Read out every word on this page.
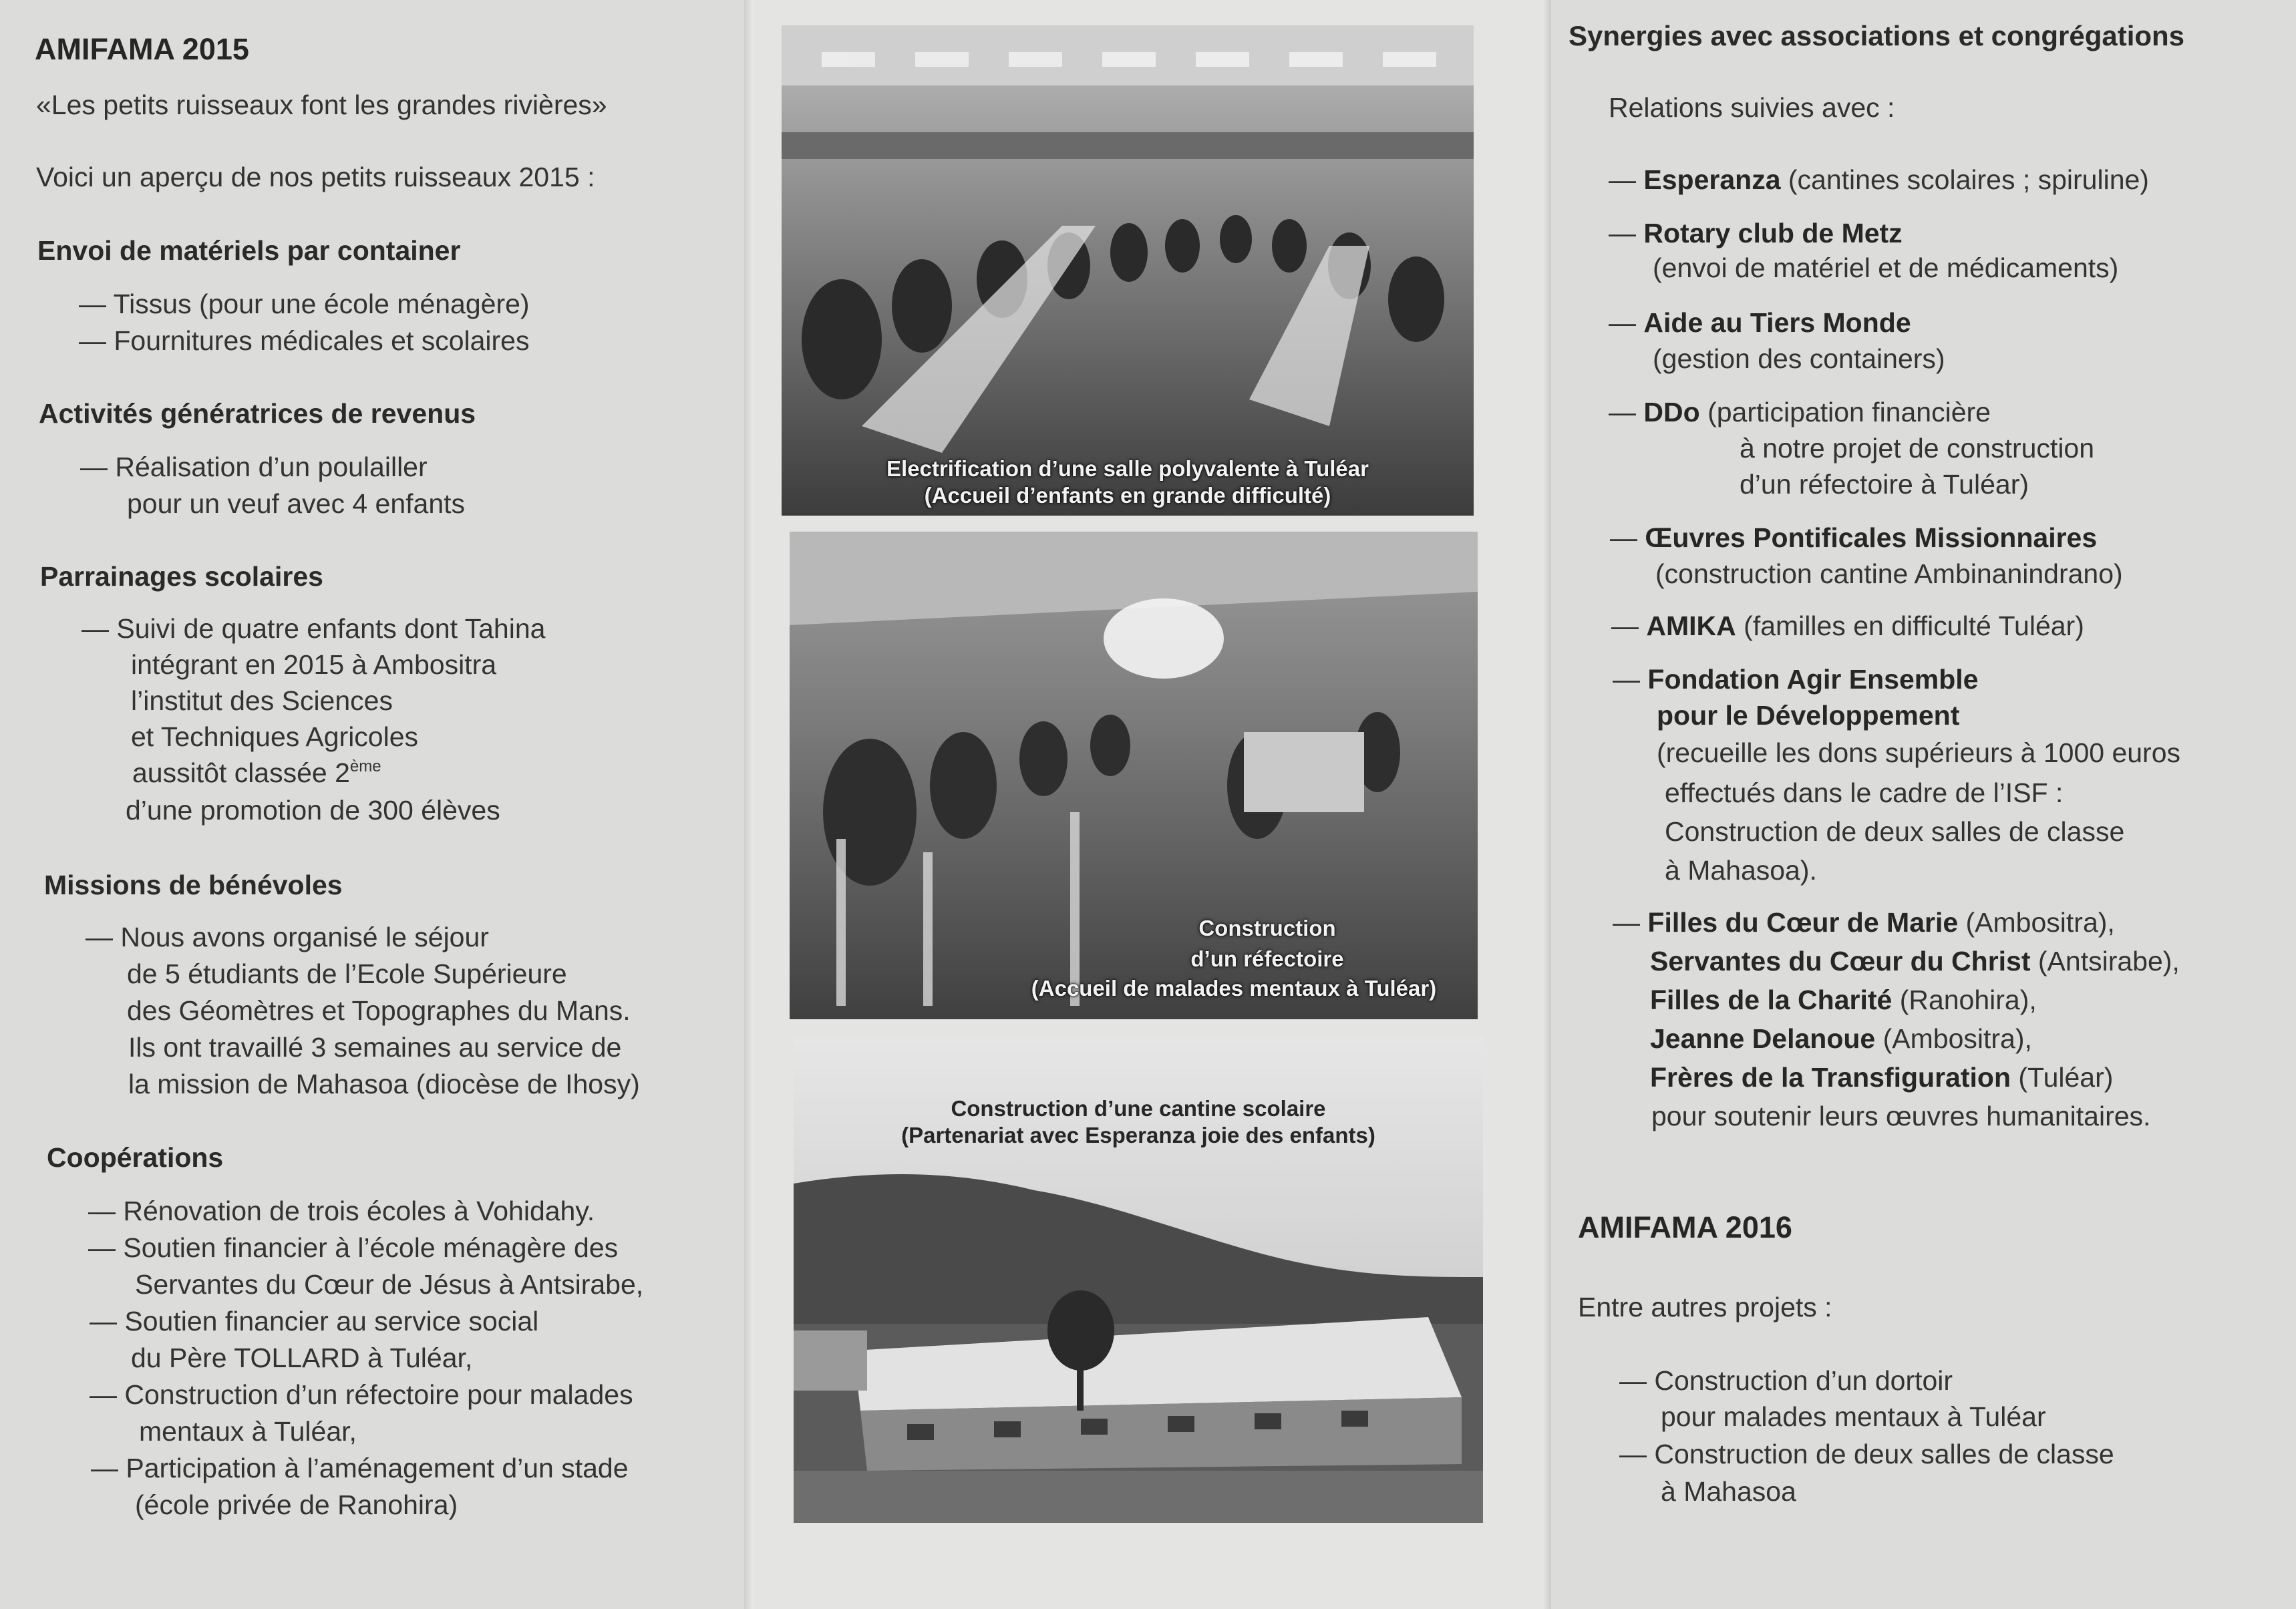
AMIFAMA 2015
«Les petits ruisseaux font les grandes rivières»
Voici un aperçu de nos petits ruisseaux 2015 :
Envoi de matériels par container
— Tissus (pour une école ménagère)
— Fournitures médicales et scolaires
Activités génératrices de revenus
— Réalisation d’un poulailler
pour un veuf avec 4 enfants
Parrainages scolaires
— Suivi de quatre enfants dont Tahina
intégrant en 2015 à Ambositra
l’institut des Sciences
et Techniques Agricoles
aussitôt classée 2ème
d’une promotion de 300 élèves
Missions de bénévoles
— Nous avons organisé le séjour
de 5 étudiants de l’Ecole Supérieure
des Géomètres et Topographes du Mans.
Ils ont travaillé 3 semaines au service de
la mission de Mahasoa (diocèse de Ihosy)
Coopérations
— Rénovation de trois écoles à Vohidahy.
— Soutien financier à l’école ménagère des
Servantes du Cœur de Jésus à Antsirabe,
— Soutien financier au service social
du Père TOLLARD à Tuléar,
— Construction d’un réfectoire pour malades
mentaux à Tuléar,
— Participation à l’aménagement d’un stade
(école privée de Ranohira)
Electrification d’une salle polyvalente à Tuléar
(Accueil d’enfants en grande difficulté)
Construction
d’un réfectoire
(Accueil de malades mentaux à Tuléar)
Construction d’une cantine scolaire
(Partenariat avec Esperanza joie des enfants)
Synergies avec associations et congrégations
Relations suivies avec :
— Esperanza (cantines scolaires ; spiruline)
— Rotary club de Metz
(envoi de matériel et de médicaments)
— Aide au Tiers Monde
(gestion des containers)
— DDo (participation financière
à notre projet de construction
d’un réfectoire à Tuléar)
— Œuvres Pontificales Missionnaires
(construction cantine Ambinanindrano)
— AMIKA (familles en difficulté Tuléar)
— Fondation Agir Ensemble
pour le Développement
(recueille les dons supérieurs à 1000 euros
effectués dans le cadre de l’ISF :
Construction de deux salles de classe
à Mahasoa).
— Filles du Cœur de Marie (Ambositra),
Servantes du Cœur du Christ (Antsirabe),
Filles de la Charité (Ranohira),
Jeanne Delanoue (Ambositra),
Frères de la Transfiguration (Tuléar)
pour soutenir leurs œuvres humanitaires.
AMIFAMA 2016
Entre autres projets :
— Construction d’un dortoir
pour malades mentaux à Tuléar
— Construction de deux salles de classe
à Mahasoa
